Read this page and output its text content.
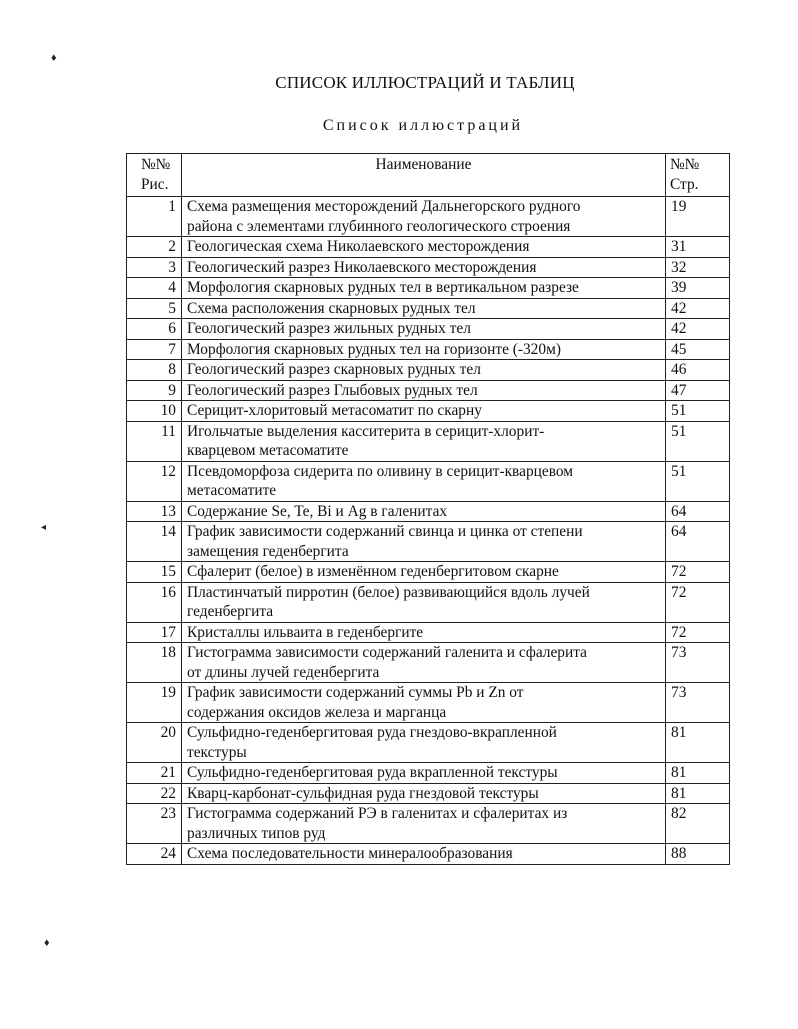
♦
◂
♦
СПИСОК ИЛЛЮСТРАЦИЙ И ТАБЛИЦ
Список иллюстраций
№№
Рис.	Наименование	№№
Стр.

1	Схема размещения месторождений Дальнегорского рудного
района с элементами глубинного геологического строения	19
2	Геологическая схема Николаевского месторождения	31
3	Геологический разрез Николаевского месторождения	32
4	Морфология скарновых рудных тел в вертикальном разрезе	39
5	Схема расположения скарновых рудных тел	42
6	Геологический разрез жильных рудных тел	42
7	Морфология скарновых рудных тел на горизонте (-320м)	45
8	Геологический разрез скарновых рудных тел	46
9	Геологический разрез Глыбовых рудных тел	47
10	Серицит-хлоритовый метасоматит по скарну	51
11	Игольчатые выделения касситерита в серицит-хлорит-
кварцевом метасоматите	51
12	Псевдоморфоза сидерита по оливину в серицит-кварцевом
метасоматите	51
13	Содержание Se, Te, Bi и Ag в галенитах	64
14	График зависимости содержаний свинца и цинка от степени
замещения геденбергита	64
15	Сфалерит (белое) в изменённом геденбергитовом скарне	72
16	Пластинчатый пирротин (белое) развивающийся вдоль лучей
геденбергита	72
17	Кристаллы ильваита в геденбергите	72
18	Гистограмма зависимости содержаний галенита и сфалерита
от длины лучей геденбергита	73
19	График зависимости содержаний суммы Pb и Zn от
содержания оксидов железа и марганца	73
20	Сульфидно-геденбергитовая руда гнездово-вкрапленной
текстуры	81
21	Сульфидно-геденбергитовая руда вкрапленной текстуры	81
22	Кварц-карбонат-сульфидная руда гнездовой текстуры	81
23	Гистограмма содержаний РЭ в галенитах и сфалеритах из
различных типов руд	82
24	Схема последовательности минералообразования	88
